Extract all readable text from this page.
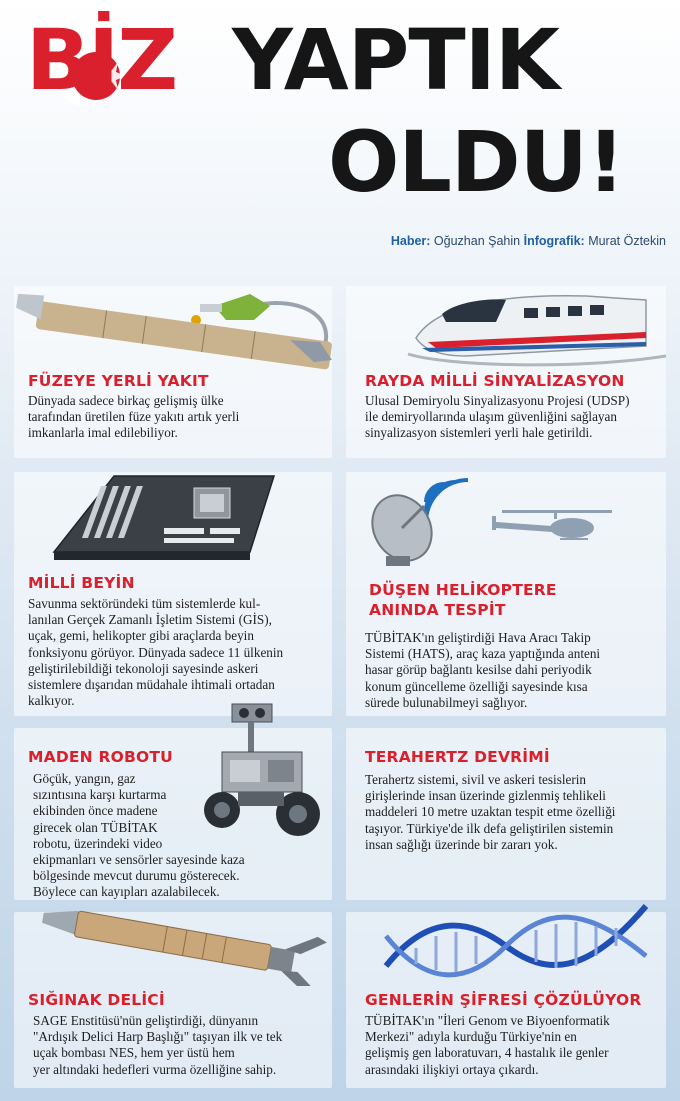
BİZ YAPTIK
OLDU!
Haber: Oğuzhan Şahin İnfografik: Murat Öztekin
FÜZEYE YERLİ YAKIT
Dünyada sadece birkaç gelişmiş ülke
tarafından üretilen füze yakıtı artık yerli
imkanlarla imal edilebiliyor.
RAYDA MİLLİ SİNYALİZASYON
Ulusal Demiryolu Sinyalizasyonu Projesi (UDSP)
ile demiryollarında ulaşım güvenliğini sağlayan
sinyalizasyon sistemleri yerli hale getirildi.
MİLLİ BEYİN
Savunma sektöründeki tüm sistemlerde kul-
lanılan Gerçek Zamanlı İşletim Sistemi (GİS),
uçak, gemi, helikopter gibi araçlarda beyin
fonksiyonu görüyor. Dünyada sadece 11 ülkenin
geliştirilebildiği tekonoloji sayesinde askeri
sistemlere dışarıdan müdahale ihtimali ortadan
kalkıyor.
DÜŞEN HELİKOPTERE
ANINDA TESPİT
TÜBİTAK'ın geliştirdiği Hava Aracı Takip
Sistemi (HATS), araç kaza yaptığında anteni
hasar görüp bağlantı kesilse dahi periyodik
konum güncelleme özelliği sayesinde kısa
sürede bulunabilmeyi sağlıyor.
MADEN ROBOTU
Göçük, yangın, gaz
sızıntısına karşı kurtarma
ekibinden önce madene
girecek olan TÜBİTAK
robotu, üzerindeki video
ekipmanları ve sensörler sayesinde kaza
bölgesinde mevcut durumu gösterecek.
Böylece can kayıpları azalabilecek.
TERAHERTZ DEVRİMİ
Terahertz sistemi, sivil ve askeri tesislerin
girişlerinde insan üzerinde gizlenmiş tehlikeli
maddeleri 10 metre uzaktan tespit etme özelliği
taşıyor. Türkiye'de ilk defa geliştirilen sistemin
insan sağlığı üzerinde bir zararı yok.
SIĞINAK DELİCİ
SAGE Enstitüsü'nün geliştirdiği, dünyanın
"Ardışık Delici Harp Başlığı" taşıyan ilk ve tek
uçak bombası NES, hem yer üstü hem
yer altındaki hedefleri vurma özelliğine sahip.
GENLERİN ŞİFRESİ ÇÖZÜLÜYOR
TÜBİTAK'ın "İleri Genom ve Biyoenformatik
Merkezi" adıyla kurduğu Türkiye'nin en
gelişmiş gen laboratuvarı, 4 hastalık ile genler
arasındaki ilişkiyi ortaya çıkardı.
